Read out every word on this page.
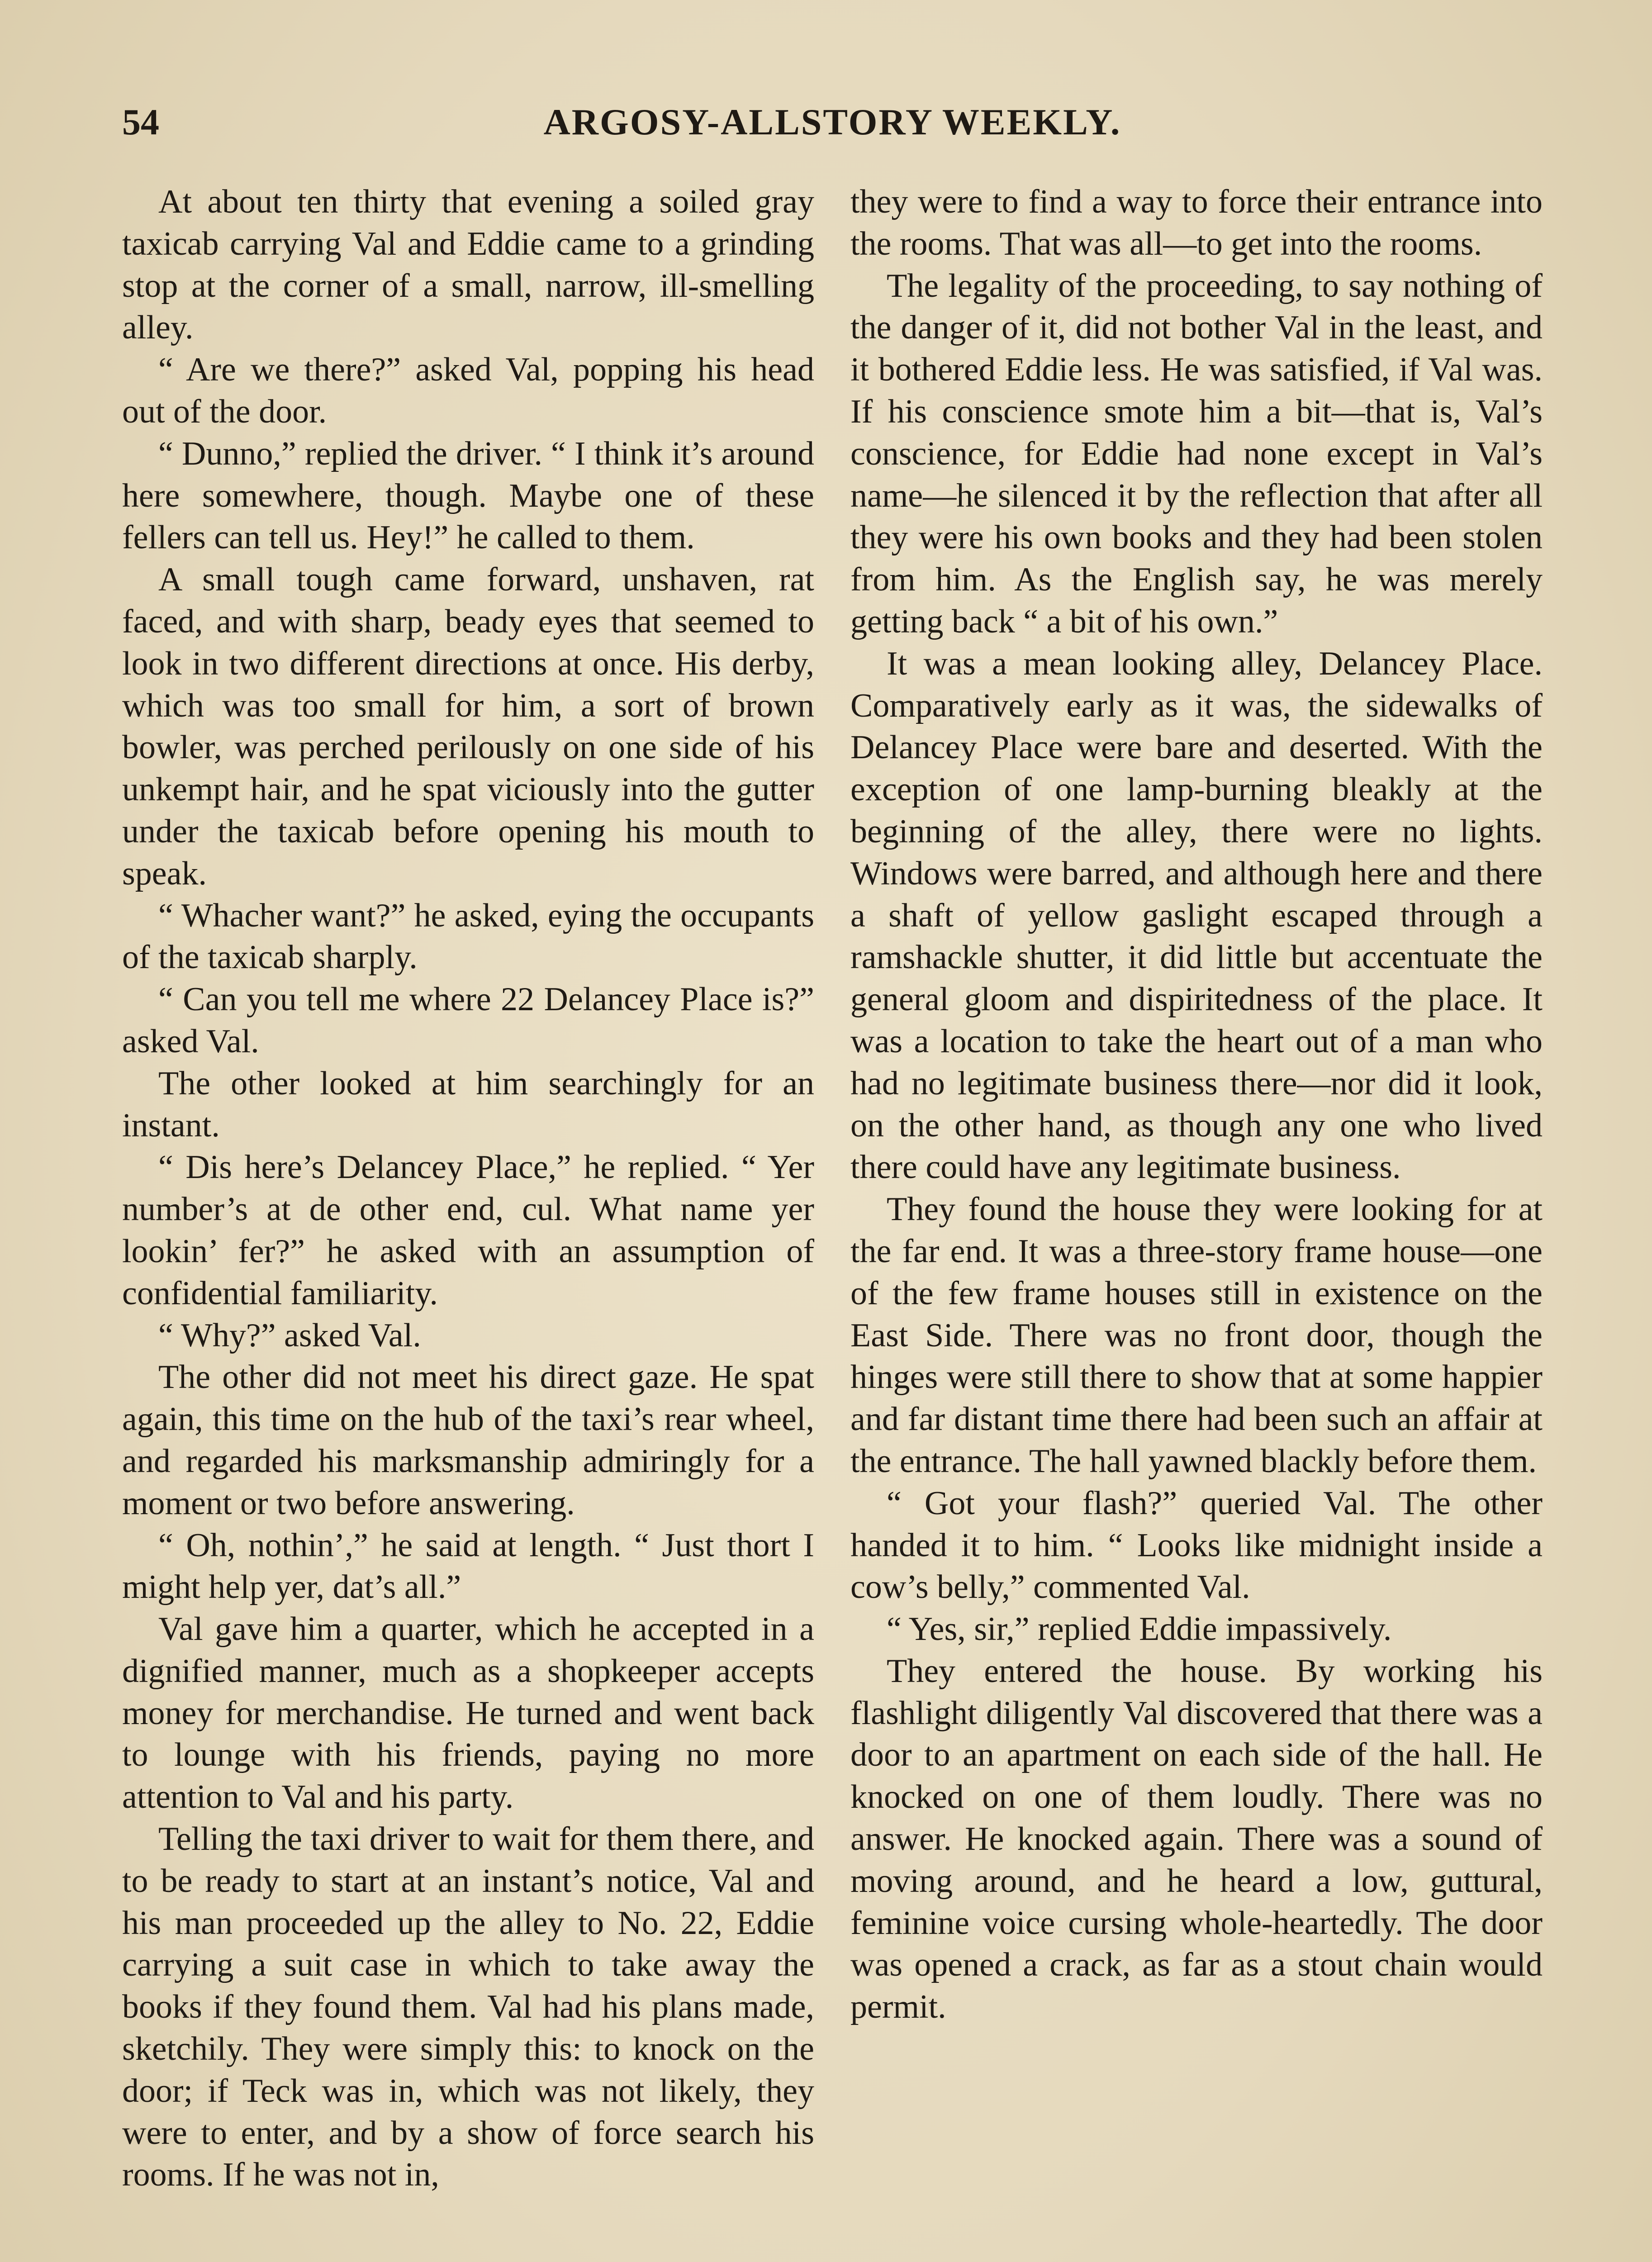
54	ARGOSY-ALLSTORY WEEKLY.

At about ten thirty that evening a soiled gray taxicab carrying Val and Eddie came to a grinding stop at the corner of a small, narrow, ill-smelling alley.

“ Are we there?” asked Val, popping his head out of the door.

“ Dunno,” replied the driver. “ I think it’s around here somewhere, though. Maybe one of these fellers can tell us. Hey!” he called to them.

A small tough came forward, unshaven, rat faced, and with sharp, beady eyes that seemed to look in two different directions at once. His derby, which was too small for him, a sort of brown bowler, was perched perilously on one side of his unkempt hair, and he spat viciously into the gutter under the taxicab before opening his mouth to speak.

“ Whacher want?” he asked, eying the occupants of the taxicab sharply.

“ Can you tell me where 22 Delancey Place is?” asked Val.

The other looked at him searchingly for an instant.

“ Dis here’s Delancey Place,” he replied. “ Yer number’s at de other end, cul. What name yer lookin’ fer?” he asked with an assumption of confidential familiarity.

“ Why?” asked Val.

The other did not meet his direct gaze. He spat again, this time on the hub of the taxi’s rear wheel, and regarded his marksmanship admiringly for a moment or two before answering.

“ Oh, nothin’,” he said at length. “ Just thort I might help yer, dat’s all.”

Val gave him a quarter, which he accepted in a dignified manner, much as a shopkeeper accepts money for merchandise. He turned and went back to lounge with his friends, paying no more attention to Val and his party.

Telling the taxi driver to wait for them there, and to be ready to start at an instant’s notice, Val and his man proceeded up the alley to No. 22, Eddie carrying a suit case in which to take away the books if they found them. Val had his plans made, sketchily. They were simply this: to knock on the door; if Teck was in, which was not likely, they were to enter, and by a show of force search his rooms. If he was not in,

they were to find a way to force their entrance into the rooms. That was all—to get into the rooms.

The legality of the proceeding, to say nothing of the danger of it, did not bother Val in the least, and it bothered Eddie less. He was satisfied, if Val was. If his conscience smote him a bit—that is, Val’s conscience, for Eddie had none except in Val’s name—he silenced it by the reflection that after all they were his own books and they had been stolen from him. As the English say, he was merely getting back “ a bit of his own.”

It was a mean looking alley, Delancey Place. Comparatively early as it was, the sidewalks of Delancey Place were bare and deserted. With the exception of one lamp-burning bleakly at the beginning of the alley, there were no lights. Windows were barred, and although here and there a shaft of yellow gaslight escaped through a ramshackle shutter, it did little but accentuate the general gloom and dispiritedness of the place. It was a location to take the heart out of a man who had no legitimate business there—nor did it look, on the other hand, as though any one who lived there could have any legitimate business.

They found the house they were looking for at the far end. It was a three-story frame house—one of the few frame houses still in existence on the East Side. There was no front door, though the hinges were still there to show that at some happier and far distant time there had been such an affair at the entrance. The hall yawned blackly before them.

“ Got your flash?” queried Val. The other handed it to him. “ Looks like midnight inside a cow’s belly,” commented Val.

“ Yes, sir,” replied Eddie impassively.

They entered the house. By working his flashlight diligently Val discovered that there was a door to an apartment on each side of the hall. He knocked on one of them loudly. There was no answer. He knocked again. There was a sound of moving around, and he heard a low, guttural, feminine voice cursing whole-heartedly. The door was opened a crack, as far as a stout chain would permit.
